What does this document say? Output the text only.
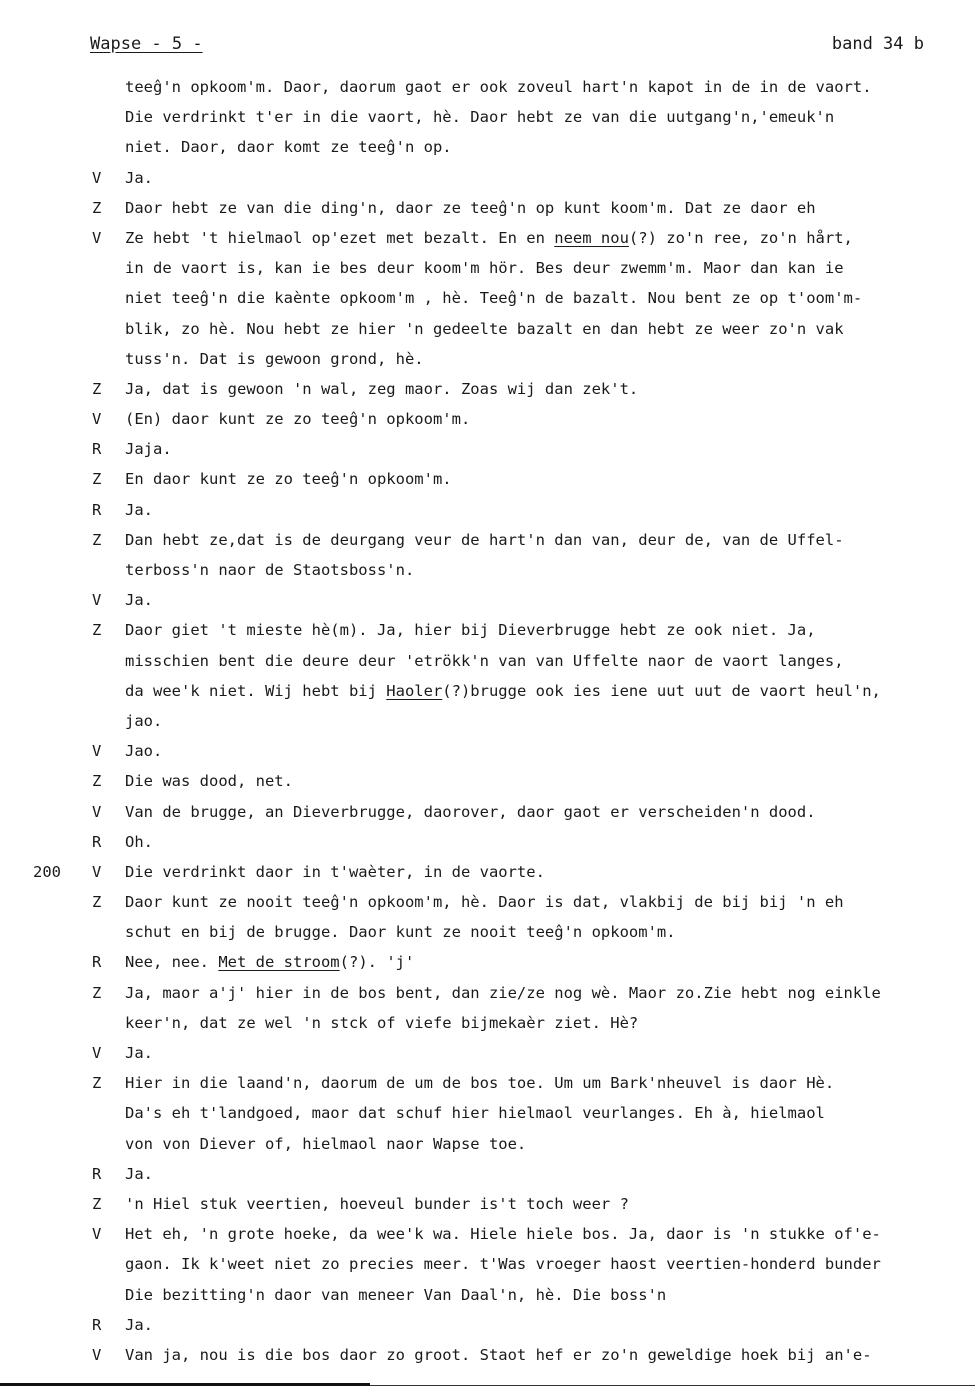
Wapse - 5 -	band 34 b
teeĝ'n opkoom'm. Daor, daorum gaot er ook zoveul hart'n kapot in de in de vaort.
Die verdrinkt t'er in die vaort, hè. Daor hebt ze van die uutgang'n,'emeuk'n
niet. Daor, daor komt ze teeĝ'n op.
V	Ja.
Z	Daor hebt ze van die ding'n, daor ze teeĝ'n op kunt koom'm. Dat ze daor eh
V	Ze hebt 't hielmaol op'ezet met bezalt. En en neem nou(?) zo'n ree, zo'n hårt,
in de vaort is, kan ie bes deur koom'm hör. Bes deur zwemm'm. Maor dan kan ie
niet teeĝ'n die kaènte opkoom'm , hè. Teeĝ'n de bazalt. Nou bent ze op t'oom'm-
blik, zo hè. Nou hebt ze hier 'n gedeelte bazalt en dan hebt ze weer zo'n vak
tuss'n. Dat is gewoon grond, hè.
Z	Ja, dat is gewoon 'n wal, zeg maor. Zoas wij dan zek't.
V	(En) daor kunt ze zo teeĝ'n opkoom'm.
R	Jaja.
Z	En daor kunt ze zo teeĝ'n opkoom'm.
R	Ja.
Z	Dan hebt ze,dat is de deurgang veur de hart'n dan van, deur de, van de Uffel-
terboss'n naor de Staotsboss'n.
V	Ja.
Z	Daor giet 't mieste hè(m). Ja, hier bij Dieverbrugge hebt ze ook niet. Ja,
misschien bent die deure deur 'etrökk'n van van Uffelte naor de vaort langes,
da wee'k niet. Wij hebt bij Haoler(?)brugge ook ies iene uut uut de vaort heul'n,
jao.
V	Jao.
Z	Die was dood, net.
V	Van de brugge, an Dieverbrugge, daorover, daor gaot er verscheiden'n dood.
R	Oh.
200	V	Die verdrinkt daor in t'waèter, in de vaorte.
Z	Daor kunt ze nooit teeĝ'n opkoom'm, hè. Daor is dat, vlakbij de bij bij 'n eh
schut en bij de brugge. Daor kunt ze nooit teeĝ'n opkoom'm.
R	Nee, nee. Met de stroom(?). 'j'
Z	Ja, maor a'j' hier in de bos bent, dan zie/ze nog wè. Maor zo.Zie hebt nog einkle
keer'n, dat ze wel 'n stck of viefe bijmekaèr ziet. Hè?
V	Ja.
Z	Hier in die laand'n, daorum de um de bos toe. Um um Bark'nheuvel is daor Hè.
Da's eh t'landgoed, maor dat schuf hier hielmaol veurlanges. Eh à, hielmaol
von von Diever of, hielmaol naor Wapse toe.
R	Ja.
Z	'n Hiel stuk veertien, hoeveul bunder is't toch weer ?
V	Het eh, 'n grote hoeke, da wee'k wa. Hiele hiele bos. Ja, daor is 'n stukke of'e-
gaon. Ik k'weet niet zo precies meer. t'Was vroeger haost veertien-honderd bunder
Die bezitting'n daor van meneer Van Daal'n, hè. Die boss'n
R	Ja.
V	Van ja, nou is die bos daor zo groot. Staot hef er zo'n geweldige hoek bij an'e-
